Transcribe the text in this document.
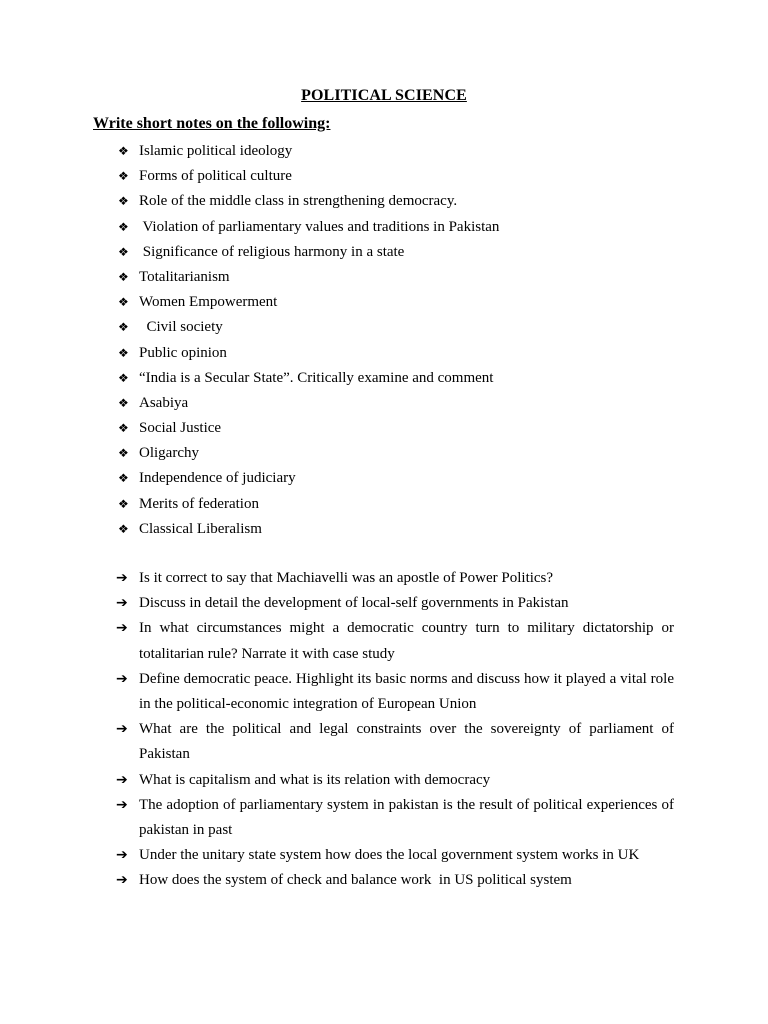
POLITICAL SCIENCE
Write short notes on the following:
❖ Islamic political ideology
❖ Forms of political culture
❖ Role of the middle class in strengthening democracy.
❖ Violation of parliamentary values and traditions in Pakistan
❖ Significance of religious harmony in a state
❖ Totalitarianism
❖ Women Empowerment
❖ Civil society
❖ Public opinion
❖ “India is a Secular State”. Critically examine and comment
❖ Asabiya
❖ Social Justice
❖ Oligarchy
❖ Independence of judiciary
❖ Merits of federation
❖ Classical Liberalism
➔ Is it correct to say that Machiavelli was an apostle of Power Politics?
➔ Discuss in detail the development of local-self governments in Pakistan
➔ In what circumstances might a democratic country turn to military dictatorship or totalitarian rule? Narrate it with case study
➔ Define democratic peace. Highlight its basic norms and discuss how it played a vital role in the political-economic integration of European Union
➔ What are the political and legal constraints over the sovereignty of parliament of Pakistan
➔ What is capitalism and what is its relation with democracy
➔ The adoption of parliamentary system in pakistan is the result of political experiences of pakistan in past
➔ Under the unitary state system how does the local government system works in UK
➔ How does the system of check and balance work  in US political system
